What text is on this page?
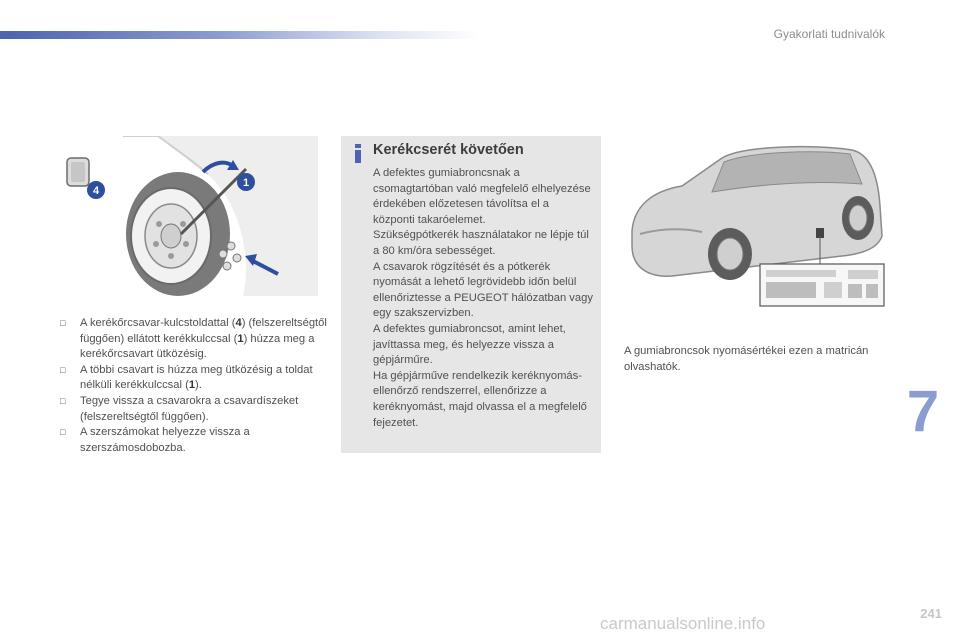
Gyakorlati tudnivalók
4
1
□ A kerékőrcsavar-kulcstoldattal (4) (felszereltségtől függően) ellátott kerékkulccsal (1) húzza meg a kerékőrcsavart ütközésig.
□ A többi csavart is húzza meg ütközésig a toldat nélküli kerékkulccsal (1).
□ Tegye vissza a csavarokra a csavardíszeket (felszereltségtől függően).
□ A szerszámokat helyezze vissza a szerszámosdobozba.
Kerékcserét követően

A defektes gumiabroncsnak a csomagtartóban való megfelelő elhelyezése érdekében előzetesen távolítsa el a központi takaróelemet.

Szükségpótkerék használatakor ne lépje túl a 80 km/óra sebességet.

A csavarok rögzítését és a pótkerék nyomását a lehető legrövidebb időn belül ellenőriztesse a PEUGEOT hálózatban vagy egy szakszervizben.

A defektes gumiabroncsot, amint lehet, javíttassa meg, és helyezze vissza a gépjárműre.

Ha gépjárműve rendelkezik keréknyomás-ellenőrző rendszerrel, ellenőrizze a keréknyomást, majd olvassa el a megfelelő fejezetet.

A gumiabroncsok nyomásértékei ezen a matricán olvashatók.
7
241
carmanualsonline.info
